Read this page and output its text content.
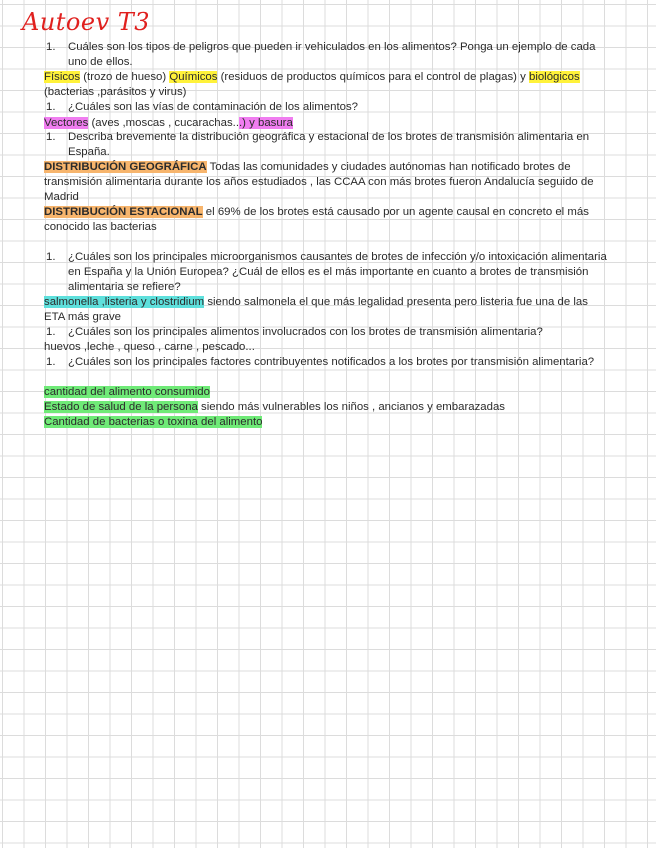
Autoev T3
1. Cuáles son los tipos de peligros que pueden ir vehiculados en los alimentos? Ponga un ejemplo de cada uno de ellos.
Físicos (trozo de hueso) Químicos (residuos de productos químicos para el control de plagas) y biológicos (bacterias ,parásitos y virus)
1. ¿Cuáles son las vías de contaminación de los alimentos?
Vectores (aves ,moscas , cucarachas...) y basura
1. Describa brevemente la distribución geográfica y estacional de los brotes de transmisión alimentaria en España.
DISTRIBUCIÓN GEOGRÁFICA Todas las comunidades y ciudades autónomas han notificado brotes de transmisión alimentaria durante los años estudiados , las CCAA con más brotes fueron Andalucía seguido de Madrid
DISTRIBUCIÓN ESTACIONAL el 69% de los brotes está causado por un agente causal en concreto el más conocido las bacterias
1. ¿Cuáles son los principales microorganismos causantes de brotes de infección y/o intoxicación alimentaria en España y la Unión Europea? ¿Cuál de ellos es el más importante en cuanto a brotes de transmisión alimentaria se refiere?
salmonella ,listeria y clostridium siendo salmonela el que más legalidad presenta pero listeria fue una de las ETA más grave
1. ¿Cuáles son los principales alimentos involucrados con los brotes de transmisión alimentaria?
huevos ,leche , queso , carne , pescado...
1. ¿Cuáles son los principales factores contribuyentes notificados a los brotes por transmisión alimentaria?
cantidad del alimento consumido
Estado de salud de la persona siendo más vulnerables los niños , ancianos y embarazadas
Cantidad de bacterias o toxina del alimento
